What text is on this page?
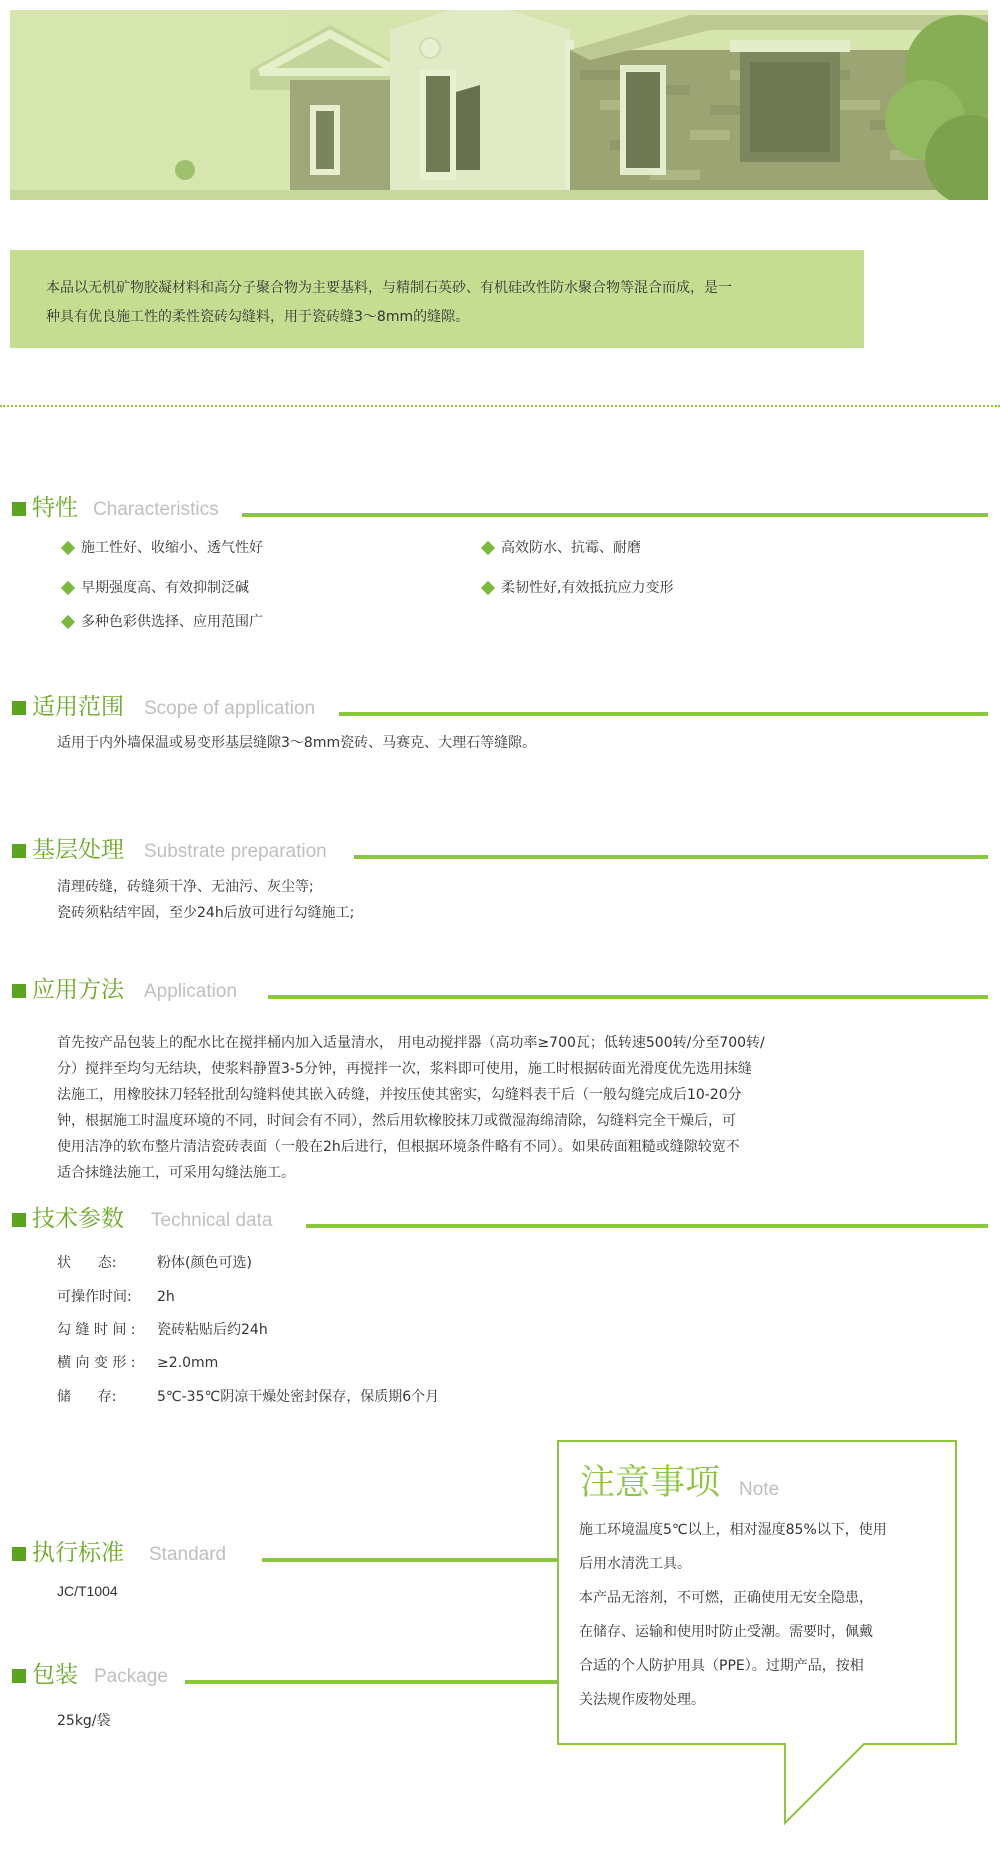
本品以无机矿物胶凝材料和高分子聚合物为主要基料，与精制石英砂、有机硅改性防水聚合物等混合而成，是一
种具有优良施工性的柔性瓷砖勾缝料，用于瓷砖缝3～8mm的缝隙。
特性 Characteristics
施工性好、收缩小、透气性好	高效防水、抗霉、耐磨
早期强度高、有效抑制泛碱	柔韧性好,有效抵抗应力变形
多种色彩供选择、应用范围广
适用范围 Scope of application
适用于内外墙保温或易变形基层缝隙3～8mm瓷砖、马赛克、大理石等缝隙。
基层处理 Substrate preparation
清理砖缝，砖缝须干净、无油污、灰尘等;
瓷砖须粘结牢固，至少24h后放可进行勾缝施工;
应用方法 Application
首先按产品包装上的配水比在搅拌桶内加入适量清水， 用电动搅拌器（高功率≥700瓦；低转速500转/分至700转/
分）搅拌至均匀无结块，使浆料静置3-5分钟，再搅拌一次，浆料即可使用，施工时根据砖面光滑度优先选用抹缝
法施工，用橡胶抹刀轻轻批刮勾缝料使其嵌入砖缝，并按压使其密实，勾缝料表干后（一般勾缝完成后10-20分
钟，根据施工时温度环境的不同，时间会有不同），然后用软橡胶抹刀或微湿海绵清除，勾缝料完全干燥后，可
使用洁净的软布整片清洁瓷砖表面（一般在2h后进行，但根据环境条件略有不同）。如果砖面粗糙或缝隙较宽不
适合抹缝法施工，可采用勾缝法施工。
技术参数 Technical data
状      态:	粉体(颜色可选)
可操作时间: 2h
勾 缝 时 间 : 瓷砖粘贴后约24h
横 向 变 形 : ≥2.0mm
储      存:	5℃-35℃阴凉干燥处密封保存，保质期6个月
执行标准 Standard
JC/T1004
包装 Package
25kg/袋
注意事项 Note
施工环境温度5℃以上，相对湿度85%以下，使用
后用水清洗工具。
本产品无溶剂，不可燃，正确使用无安全隐患，
在储存、运输和使用时防止受潮。需要时，佩戴
合适的个人防护用具（PPE）。过期产品，按相
关法规作废物处理。
